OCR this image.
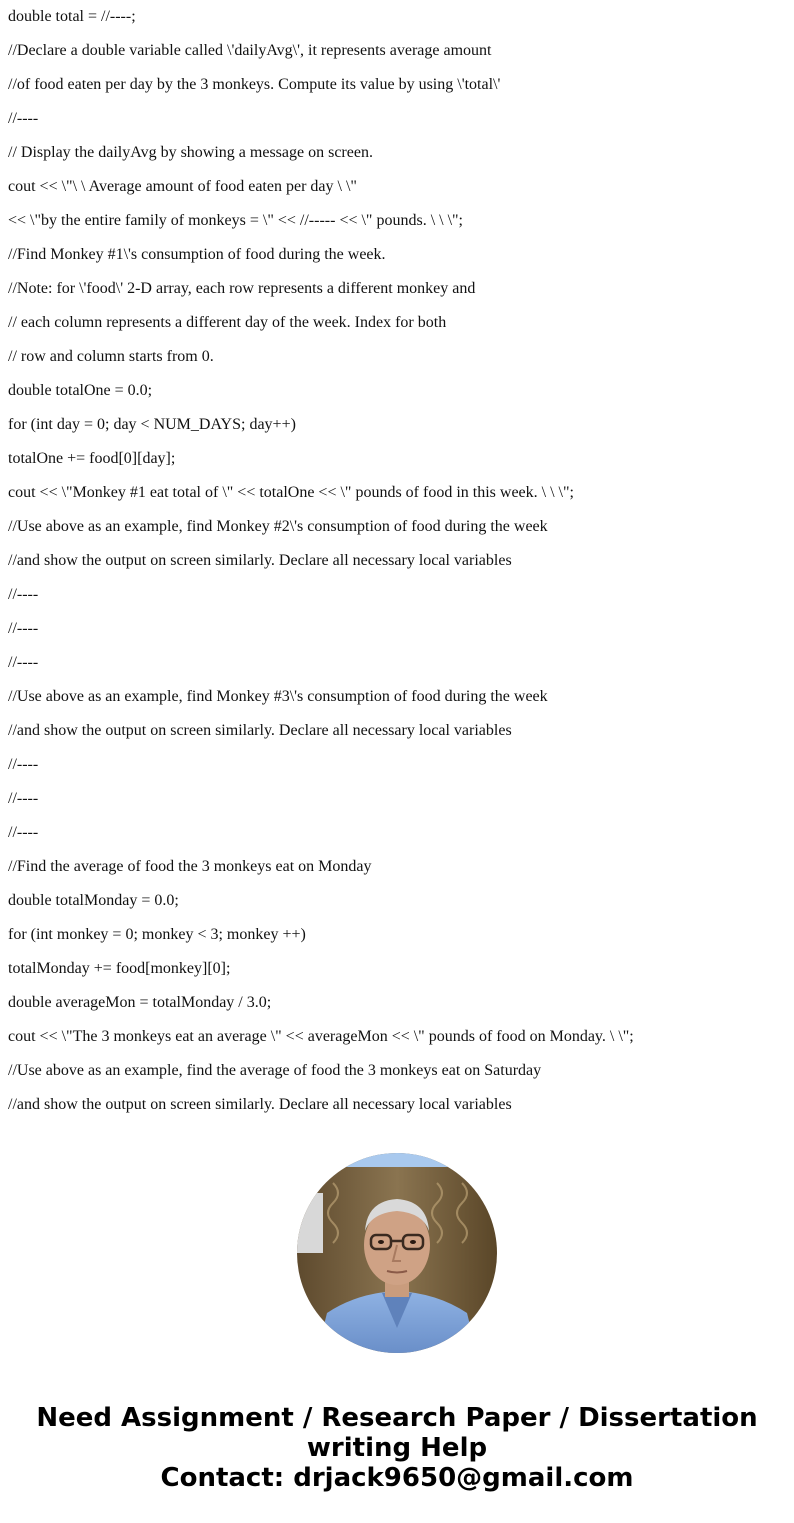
double total = //----;

//Declare a double variable called \'dailyAvg\', it represents average amount

//of food eaten per day by the 3 monkeys. Compute its value by using \'total\'

//----

// Display the dailyAvg by showing a message on screen.

cout << \"\ \ Average amount of food eaten per day \ \"

<< \"by the entire family of monkeys = \" << //----- << \" pounds. \ \ \";

//Find Monkey #1\'s consumption of food during the week.

//Note: for \'food\' 2-D array, each row represents a different monkey and

// each column represents a different day of the week. Index for both

// row and column starts from 0.

double totalOne = 0.0;

for (int day = 0; day < NUM_DAYS; day++)

totalOne += food[0][day];

cout << \"Monkey #1 eat total of \" << totalOne << \" pounds of food in this week. \ \ \";

//Use above as an example, find Monkey #2\'s consumption of food during the week

//and show the output on screen similarly. Declare all necessary local variables

//----

//----

//----

//Use above as an example, find Monkey #3\'s consumption of food during the week

//and show the output on screen similarly. Declare all necessary local variables

//----

//----

//----

//Find the average of food the 3 monkeys eat on Monday

double totalMonday = 0.0;

for (int monkey = 0; monkey < 3; monkey ++)

totalMonday += food[monkey][0];

double averageMon = totalMonday / 3.0;

cout << \"The 3 monkeys eat an average \" << averageMon << \" pounds of food on Monday. \ \";

//Use above as an example, find the average of food the 3 monkeys eat on Saturday

//and show the output on screen similarly. Declare all necessary local variables

Need Assignment / Research Paper / Dissertation
writing Help
Contact: drjack9650@gmail.com
